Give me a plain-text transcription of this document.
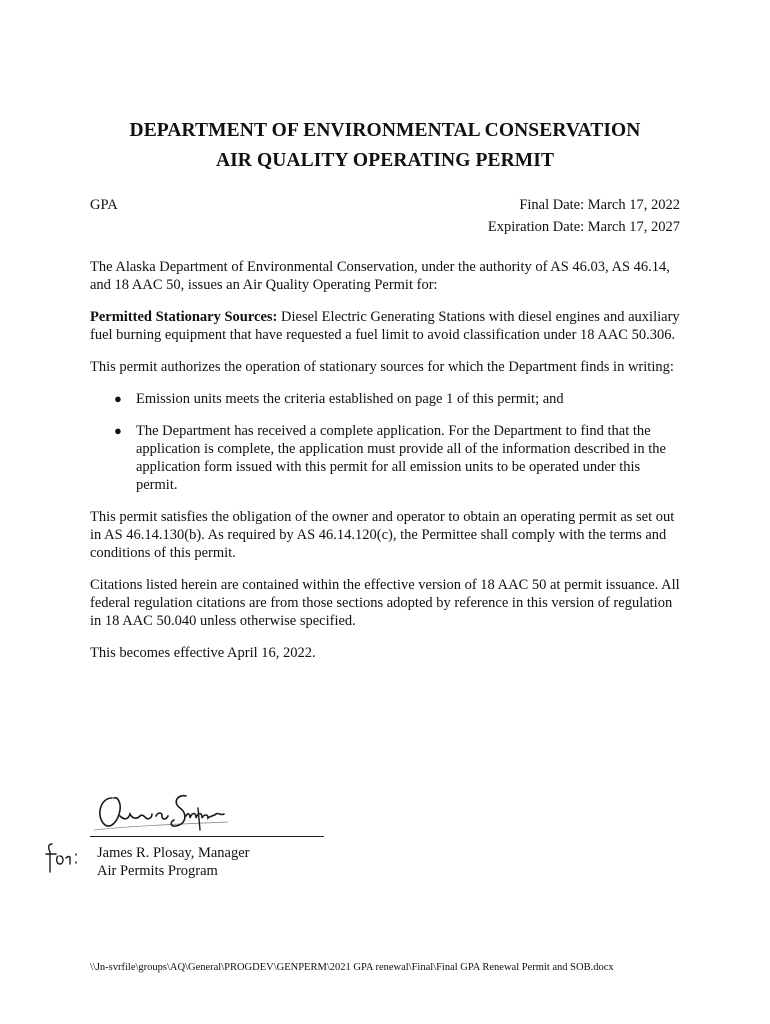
DEPARTMENT OF ENVIRONMENTAL CONSERVATION
AIR QUALITY OPERATING PERMIT
GPA	Final Date: March 17, 2022
Expiration Date: March 17, 2027

The Alaska Department of Environmental Conservation, under the authority of AS 46.03, AS 46.14, and 18 AAC 50, issues an Air Quality Operating Permit for:

Permitted Stationary Sources: Diesel Electric Generating Stations with diesel engines and auxiliary fuel burning equipment that have requested a fuel limit to avoid classification under 18 AAC 50.306.

This permit authorizes the operation of stationary sources for which the Department finds in writing:

● Emission units meets the criteria established on page 1 of this permit; and
● The Department has received a complete application. For the Department to find that the application is complete, the application must provide all of the information described in the application form issued with this permit for all emission units to be operated under this permit.

This permit satisfies the obligation of the owner and operator to obtain an operating permit as set out in AS 46.14.130(b). As required by AS 46.14.120(c), the Permittee shall comply with the terms and conditions of this permit.

Citations listed herein are contained within the effective version of 18 AAC 50 at permit issuance. All federal regulation citations are from those sections adopted by reference in this version of regulation in 18 AAC 50.040 unless otherwise specified.

This becomes effective April 16, 2022.

James R. Plosay, Manager
Air Permits Program
\\Jn-svrfile\groups\AQ\General\PROGDEV\GENPERM\2021 GPA renewal\Final\Final GPA Renewal Permit and SOB.docx
